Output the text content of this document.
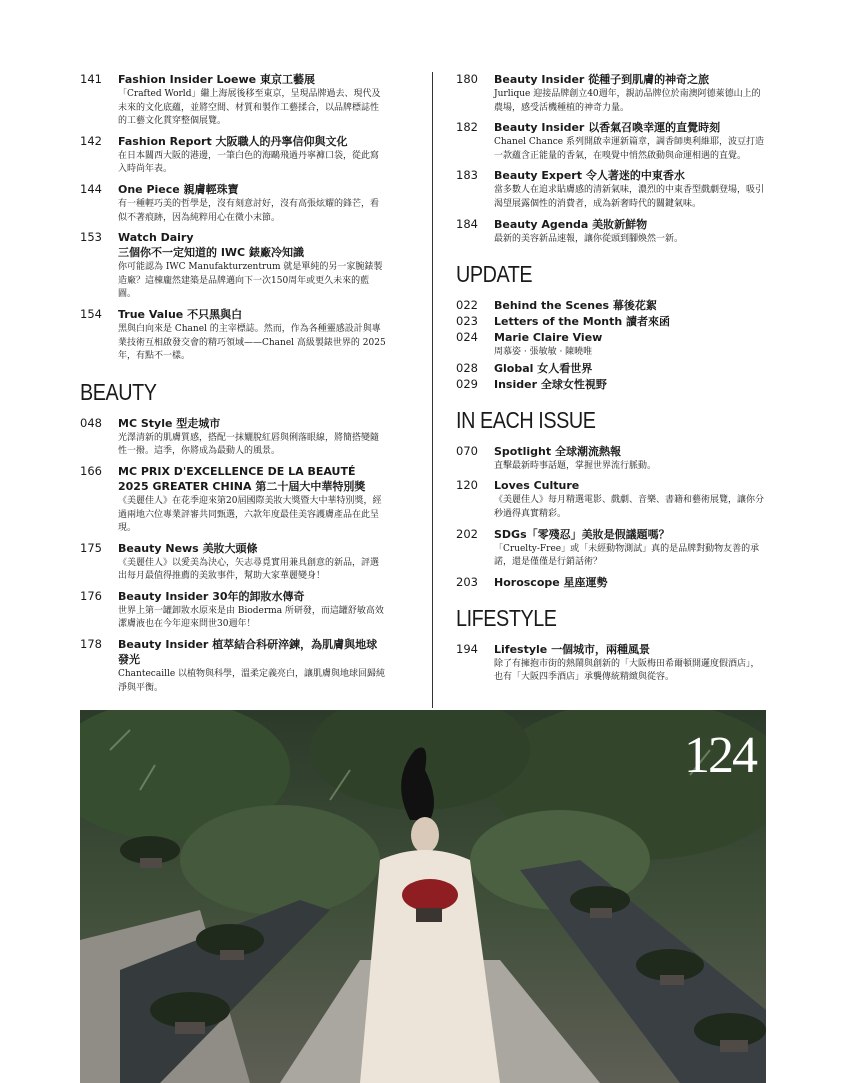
141	Fashion Insider Loewe 東京工藝展
「Crafted World」繼上海展後移至東京，呈現品牌過去、現代及未來的文化底蘊，並將空間、材質和製作工藝揉合，以品牌標誌性的工藝文化貫穿整個展覽。
142	Fashion Report 大阪職人的丹寧信仰與文化
在日本關西大阪的港邊，一筆白色的海鷗飛過丹寧褲口袋，從此寫入時尚年表。
144	One Piece 親膚輕珠寶
有一種輕巧美的哲學是，沒有刻意討好，沒有高張炫耀的鋒芒，看似不著痕跡，因為純粹用心在微小末節。
153	Watch Dairy
三個你不一定知道的 IWC 錶廠冷知識
你可能認為 IWC Manufakturzentrum 就是單純的另一家腕錶製造廠？這棟龐然建築是品牌邁向下一次150周年或更久未來的藍圖。
154	True Value 不只黑與白
黑與白向來是 Chanel 的主宰標誌。然而，作為各種靈感設計與專業技術互相啟發交會的精巧領域——Chanel 高級製錶世界的 2025 年，有點不一樣。
BEAUTY
048	MC Style 型走城市
光澤清新的肌膚質感，搭配一抹孋脫紅唇與俐落眼線，將簡搭變隨性一撥。這季，你將成為最動人的風景。
166	MC PRIX D'EXCELLENCE DE LA BEAUTÉ 2025 GREATER CHINA 第二十屆大中華特別獎
《美麗佳人》在花季迎來第20屆國際美妝大獎暨大中華特別獎，經過兩地六位專業評審共同甄選，六款年度最佳美容護膚產品在此呈現。
175	Beauty News 美妝大頭條
《美麗佳人》以愛美為決心，矢志尋覓實用兼具創意的新品，評選出每月最值得推薦的美妝事件，幫助大家華麗變身！
176	Beauty Insider 30年的卸妝水傳奇
世界上第一罐卸妝水原來是由 Bioderma 所研發，而這罐舒敏高效潔膚液也在今年迎來問世30週年！
178	Beauty Insider 植萃結合科研淬鍊，為肌膚與地球發光
Chantecaille 以植物與科學，溫柔定義亮白，讓肌膚與地球回歸純淨與平衡。
180	Beauty Insider 從種子到肌膚的神奇之旅
Jurlique 迎接品牌創立40週年，親訪品牌位於南澳阿德萊德山上的農場，感受活機種植的神奇力量。
182	Beauty Insider 以香氣召喚幸運的直覺時刻
Chanel Chance 系列開啟幸運新篇章，調香師奧利維耶，波豆打造一款蘊含正能量的香氣，在嗅覺中悄然啟動與命運相遇的直覺。
183	Beauty Expert 令人著迷的中東香水
當多數人在追求貼膚感的清新氣味，濃烈的中東香型戲劇登場，吸引渴望展露個性的消費者，成為新奢時代的關鍵氣味。
184	Beauty Agenda 美妝新鮮物
最新的美容新品速報，讓你從頭到腳煥然一新。
UPDATE
022	Behind the Scenes 幕後花絮
023	Letters of the Month 讀者來函
024	Marie Claire View
周慕姿 · 張敏敏 · 陳曉唯
028	Global 女人看世界
029	Insider 全球女性視野
IN EACH ISSUE
070	Spotlight 全球潮流熱報
直擊最新時事話題，掌握世界流行脈動。
120	Loves Culture
《美麗佳人》每月精選電影、戲劇、音樂、書籍和藝術展覽，讓你分秒過得真實精彩。
202	SDGs「零殘忍」美妝是假議題嗎？
「Cruelty-Free」或「未經動物測試」真的是品牌對動物友善的承諾，還是僅僅是行銷話術？
203	Horoscope 星座運勢
LIFESTYLE
194	Lifestyle 一個城市，兩種風景
除了有擁抱市街的熱鬧與創新的「大阪梅田希爾頓開邏度假酒店」，也有「大阪四季酒店」承襲傳統精緻與從容。
124
